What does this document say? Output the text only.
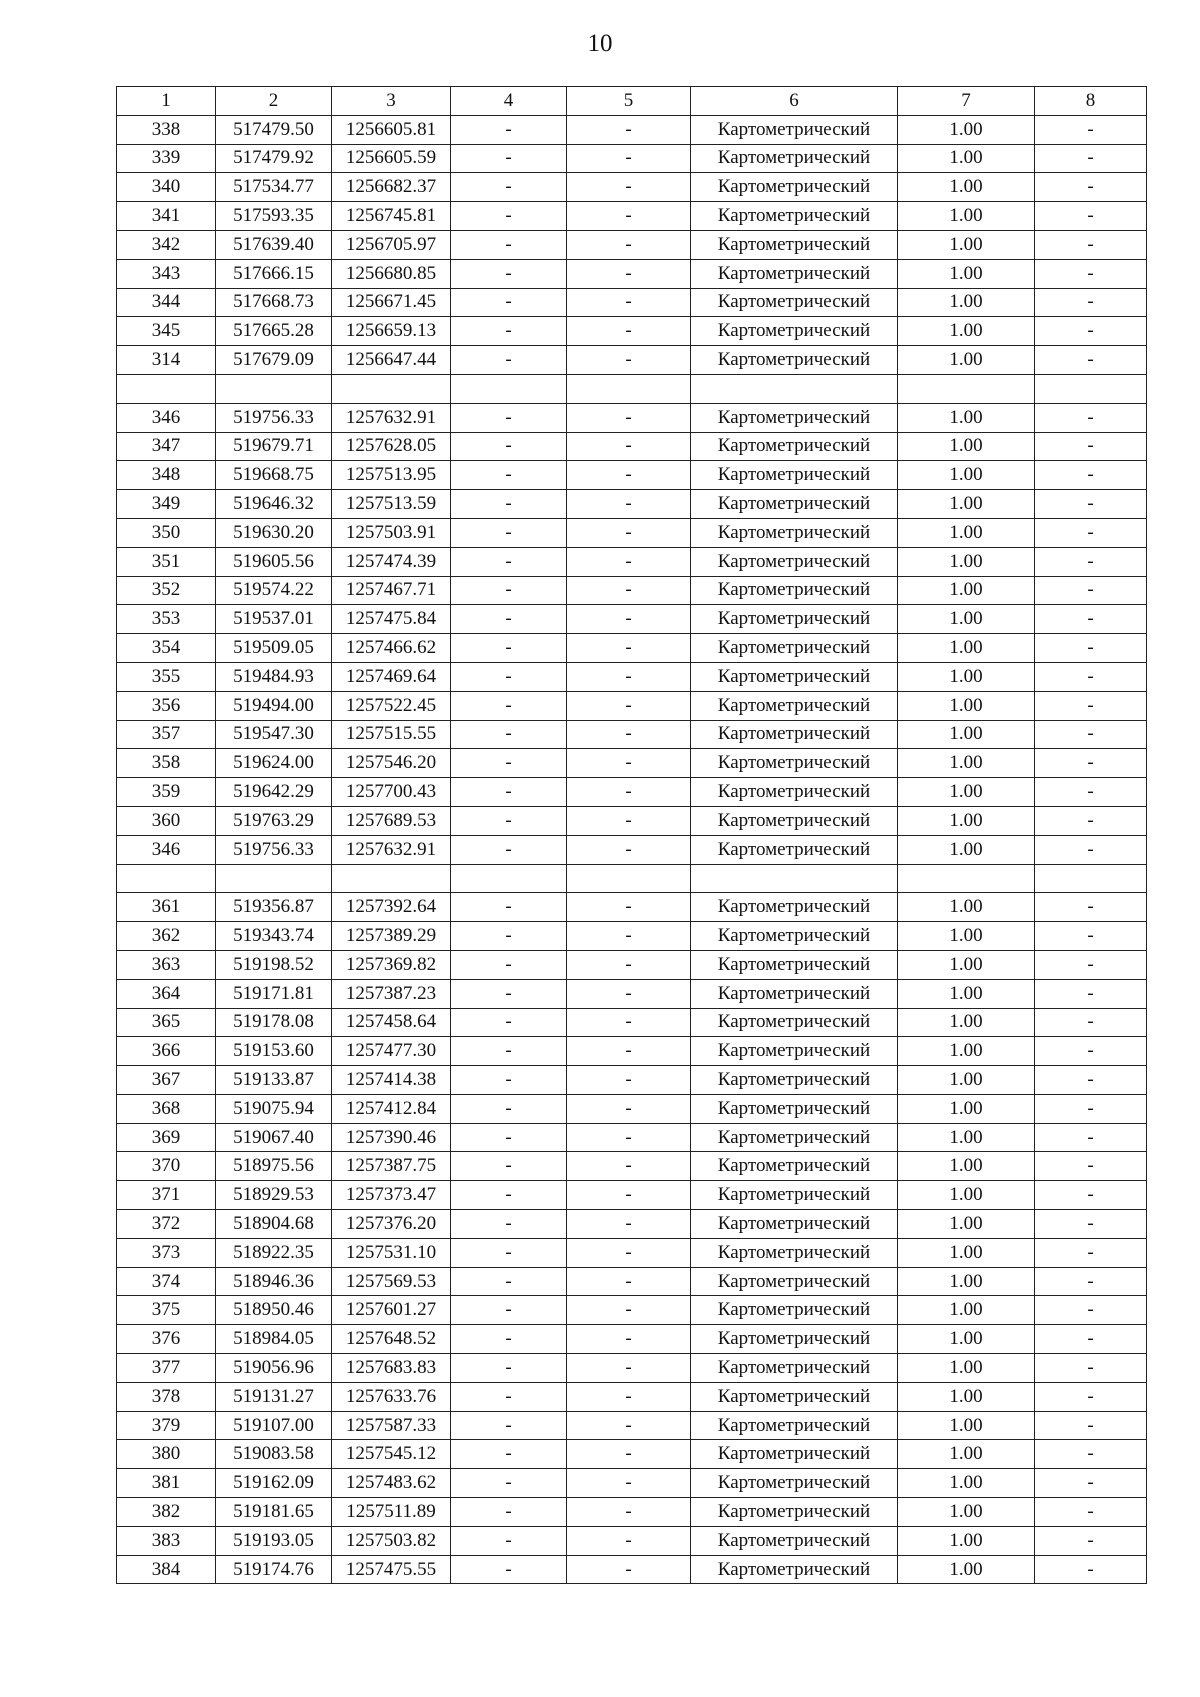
10
1	2	3	4	5	6	7	8
338	517479.50	1256605.81	-	-	Картометрический	1.00	-
339	517479.92	1256605.59	-	-	Картометрический	1.00	-
340	517534.77	1256682.37	-	-	Картометрический	1.00	-
341	517593.35	1256745.81	-	-	Картометрический	1.00	-
342	517639.40	1256705.97	-	-	Картометрический	1.00	-
343	517666.15	1256680.85	-	-	Картометрический	1.00	-
344	517668.73	1256671.45	-	-	Картометрический	1.00	-
345	517665.28	1256659.13	-	-	Картометрический	1.00	-
314	517679.09	1256647.44	-	-	Картометрический	1.00	-

346	519756.33	1257632.91	-	-	Картометрический	1.00	-
347	519679.71	1257628.05	-	-	Картометрический	1.00	-
348	519668.75	1257513.95	-	-	Картометрический	1.00	-
349	519646.32	1257513.59	-	-	Картометрический	1.00	-
350	519630.20	1257503.91	-	-	Картометрический	1.00	-
351	519605.56	1257474.39	-	-	Картометрический	1.00	-
352	519574.22	1257467.71	-	-	Картометрический	1.00	-
353	519537.01	1257475.84	-	-	Картометрический	1.00	-
354	519509.05	1257466.62	-	-	Картометрический	1.00	-
355	519484.93	1257469.64	-	-	Картометрический	1.00	-
356	519494.00	1257522.45	-	-	Картометрический	1.00	-
357	519547.30	1257515.55	-	-	Картометрический	1.00	-
358	519624.00	1257546.20	-	-	Картометрический	1.00	-
359	519642.29	1257700.43	-	-	Картометрический	1.00	-
360	519763.29	1257689.53	-	-	Картометрический	1.00	-
346	519756.33	1257632.91	-	-	Картометрический	1.00	-

361	519356.87	1257392.64	-	-	Картометрический	1.00	-
362	519343.74	1257389.29	-	-	Картометрический	1.00	-
363	519198.52	1257369.82	-	-	Картометрический	1.00	-
364	519171.81	1257387.23	-	-	Картометрический	1.00	-
365	519178.08	1257458.64	-	-	Картометрический	1.00	-
366	519153.60	1257477.30	-	-	Картометрический	1.00	-
367	519133.87	1257414.38	-	-	Картометрический	1.00	-
368	519075.94	1257412.84	-	-	Картометрический	1.00	-
369	519067.40	1257390.46	-	-	Картометрический	1.00	-
370	518975.56	1257387.75	-	-	Картометрический	1.00	-
371	518929.53	1257373.47	-	-	Картометрический	1.00	-
372	518904.68	1257376.20	-	-	Картометрический	1.00	-
373	518922.35	1257531.10	-	-	Картометрический	1.00	-
374	518946.36	1257569.53	-	-	Картометрический	1.00	-
375	518950.46	1257601.27	-	-	Картометрический	1.00	-
376	518984.05	1257648.52	-	-	Картометрический	1.00	-
377	519056.96	1257683.83	-	-	Картометрический	1.00	-
378	519131.27	1257633.76	-	-	Картометрический	1.00	-
379	519107.00	1257587.33	-	-	Картометрический	1.00	-
380	519083.58	1257545.12	-	-	Картометрический	1.00	-
381	519162.09	1257483.62	-	-	Картометрический	1.00	-
382	519181.65	1257511.89	-	-	Картометрический	1.00	-
383	519193.05	1257503.82	-	-	Картометрический	1.00	-
384	519174.76	1257475.55	-	-	Картометрический	1.00	-
